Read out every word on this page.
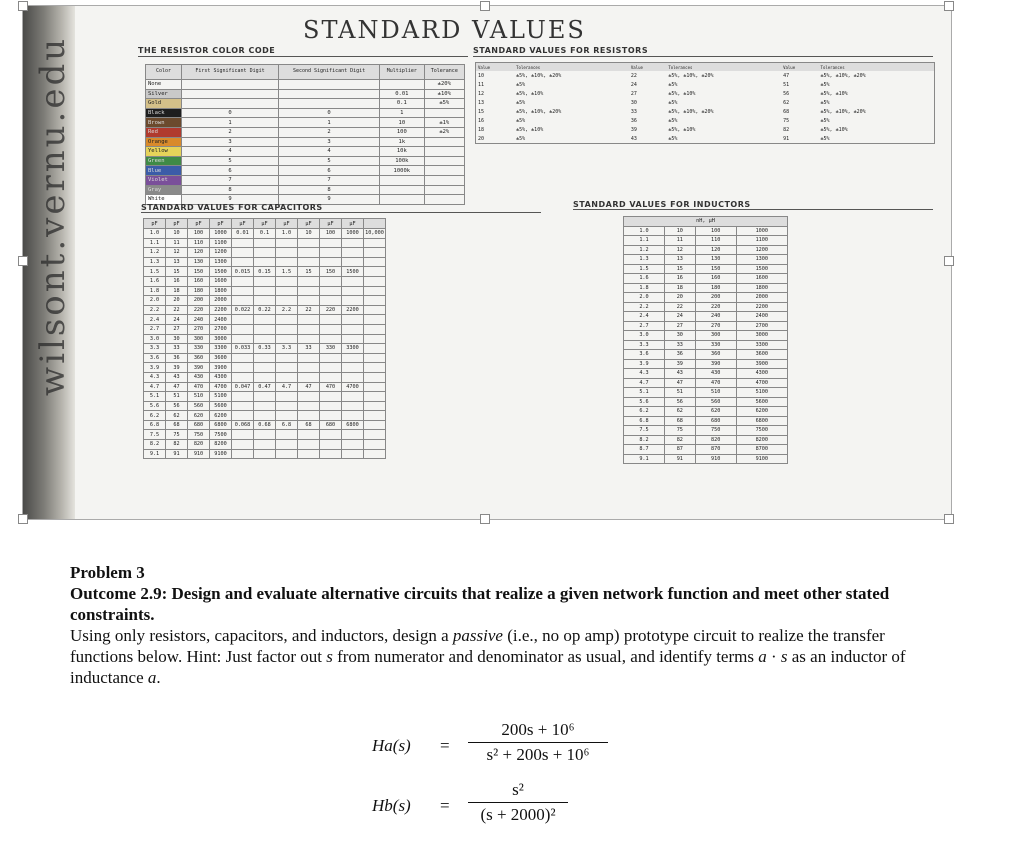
wilsont.vernu.edu
STANDARD VALUES
THE RESISTOR COLOR CODE
Color	First Significant Digit	Second Significant Digit	Multiplier	Tolerance
None				±20%
Silver			0.01	±10%
Gold			0.1	±5%
Black	0	0	1	
Brown	1	1	10	±1%
Red	2	2	100	±2%
Orange	3	3	1k	
Yellow	4	4	10k	
Green	5	5	100k	
Blue	6	6	1000k	
Violet	7	7		
Gray	8	8		
White	9	9		
STANDARD VALUES FOR RESISTORS
Value	Tolerances	Value	Tolerances	Value	Tolerances
10	±5%, ±10%, ±20%	22	±5%, ±10%, ±20%	47	±5%, ±10%, ±20%
11	±5%	24	±5%	51	±5%
12	±5%, ±10%	27	±5%, ±10%	56	±5%, ±10%
13	±5%	30	±5%	62	±5%
15	±5%, ±10%, ±20%	33	±5%, ±10%, ±20%	68	±5%, ±10%, ±20%
16	±5%	36	±5%	75	±5%
18	±5%, ±10%	39	±5%, ±10%	82	±5%, ±10%
20	±5%	43	±5%	91	±5%
STANDARD VALUES FOR CAPACITORS
pF	pF	pF	pF	μF	μF	μF	μF	μF	μF	
1.0	10	100	1000	0.01	0.1	1.0	10	100	1000	10,000
1.1	11	110	1100							
1.2	12	120	1200							
1.3	13	130	1300							
1.5	15	150	1500	0.015	0.15	1.5	15	150	1500	
1.6	16	160	1600							
1.8	18	180	1800							
2.0	20	200	2000							
2.2	22	220	2200	0.022	0.22	2.2	22	220	2200	
2.4	24	240	2400							
2.7	27	270	2700							
3.0	30	300	3000							
3.3	33	330	3300	0.033	0.33	3.3	33	330	3300	
3.6	36	360	3600							
3.9	39	390	3900							
4.3	43	430	4300							
4.7	47	470	4700	0.047	0.47	4.7	47	470	4700	
5.1	51	510	5100							
5.6	56	560	5600							
6.2	62	620	6200							
6.8	68	680	6800	0.068	0.68	6.8	68	680	6800	
7.5	75	750	7500							
8.2	82	820	8200							
9.1	91	910	9100							
STANDARD VALUES FOR INDUCTORS
nH, μH			
1.0	10	100	1000
1.1	11	110	1100
1.2	12	120	1200
1.3	13	130	1300
1.5	15	150	1500
1.6	16	160	1600
1.8	18	180	1800
2.0	20	200	2000
2.2	22	220	2200
2.4	24	240	2400
2.7	27	270	2700
3.0	30	300	3000
3.3	33	330	3300
3.6	36	360	3600
3.9	39	390	3900
4.3	43	430	4300
4.7	47	470	4700
5.1	51	510	5100
5.6	56	560	5600
6.2	62	620	6200
6.8	68	680	6800
7.5	75	750	7500
8.2	82	820	8200
8.7	87	870	8700
9.1	91	910	9100
Problem 3
Outcome 2.9: Design and evaluate alternative circuits that realize a given network function and meet other stated constraints.
Using only resistors, capacitors, and inductors, design a passive (i.e., no op amp) prototype circuit to realize the transfer functions below. Hint: Just factor out s from numerator and denominator as usual, and identify terms a · s as an inductor of inductance a.
Ha(s) =
200s + 10⁶
s² + 200s + 10⁶
Hb(s) =
s²
(s + 2000)²
